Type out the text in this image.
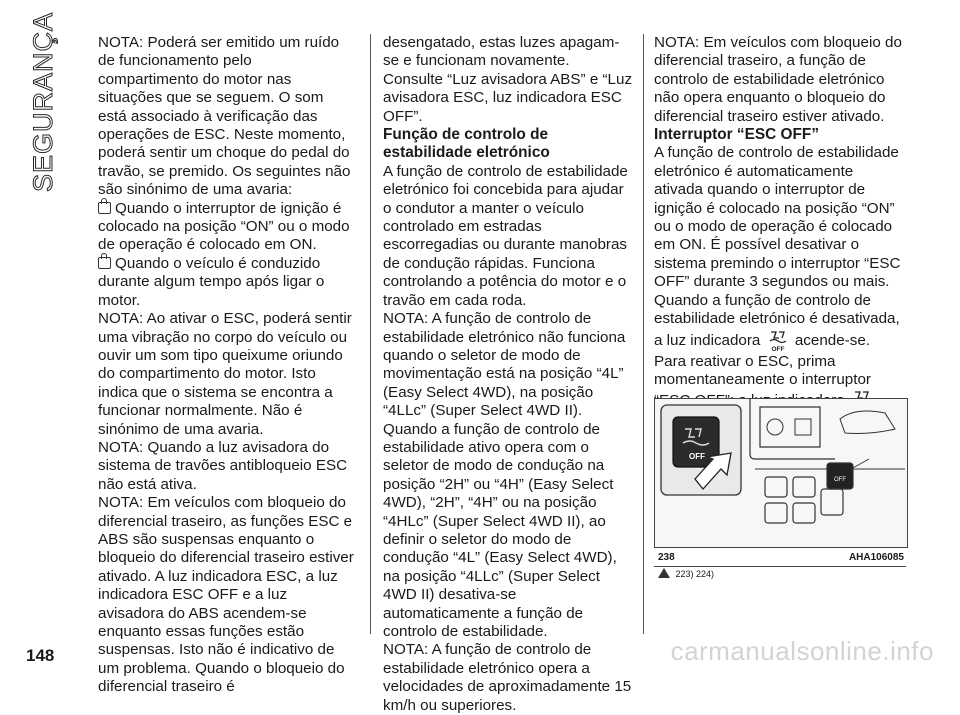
SEGURANÇA	NOTA: Poderá ser emitido um ruído de funcionamento pelo compartimento do motor nas situações que se seguem. O som está associado à verificação das operações de ESC. Neste momento, poderá sentir um choque do pedal do travão, se premido. Os seguintes não são sinónimo de uma avaria:

Quando o interruptor de ignição é colocado na posição “ON” ou o modo de operação é colocado em ON.

Quando o veículo é conduzido durante algum tempo após ligar o motor.

NOTA: Ao ativar o ESC, poderá sentir uma vibração no corpo do veículo ou ouvir um som tipo queixume oriundo do compartimento do motor. Isto indica que o sistema se encontra a funcionar normalmente. Não é sinónimo de uma avaria.

NOTA: Quando a luz avisadora do sistema de travões antibloqueio ESC não está ativa.

NOTA: Em veículos com bloqueio do diferencial traseiro, as funções ESC e ABS são suspensas enquanto o bloqueio do diferencial traseiro estiver ativado. A luz indicadora ESC, a luz indicadora ESC OFF e a luz avisadora do ABS acendem-se enquanto essas funções estão suspensas. Isto não é indicativo de um problema. Quando o bloqueio do diferencial traseiro é

desengatado, estas luzes apagam-se e funcionam novamente. Consulte “Luz avisadora ABS” e “Luz avisadora ESC, luz indicadora ESC OFF”.

Função de controlo de estabilidade eletrónico

A função de controlo de estabilidade eletrónico foi concebida para ajudar o condutor a manter o veículo controlado em estradas escorregadias ou durante manobras de condução rápidas. Funciona controlando a potência do motor e o travão em cada roda.

NOTA: A função de controlo de estabilidade eletrónico não funciona quando o seletor de modo de movimentação está na posição “4L” (Easy Select 4WD), na posição “4LLc” (Super Select 4WD II). Quando a função de controlo de estabilidade ativo opera com o seletor de modo de condução na posição “2H” ou “4H” (Easy Select 4WD), “2H”, “4H” ou na posição “4HLc” (Super Select 4WD II), ao definir o seletor do modo de condução “4L” (Easy Select 4WD), na posição “4LLc” (Super Select 4WD II) desativa-se automaticamente a função de controlo de estabilidade.

NOTA: A função de controlo de estabilidade eletrónico opera a velocidades de aproximadamente 15 km/h ou superiores.

NOTA: Em veículos com bloqueio do diferencial traseiro, a função de controlo de estabilidade eletrónico não opera enquanto o bloqueio do diferencial traseiro estiver ativado.

Interruptor “ESC OFF”

A função de controlo de estabilidade eletrónico é automaticamente ativada quando o interruptor de ignição é colocado na posição “ON” ou o modo de operação é colocado em ON. É possível desativar o sistema premindo o interruptor “ESC OFF” durante 3 segundos ou mais.

Quando a função de controlo de estabilidade eletrónico é desativada, a luz indicadora
OFF
acende-se. Para reativar o ESC, prima momentaneamente o interruptor

OFF
OFF
238	AHA106085
223) 224)
148	carmanualsonline.info
